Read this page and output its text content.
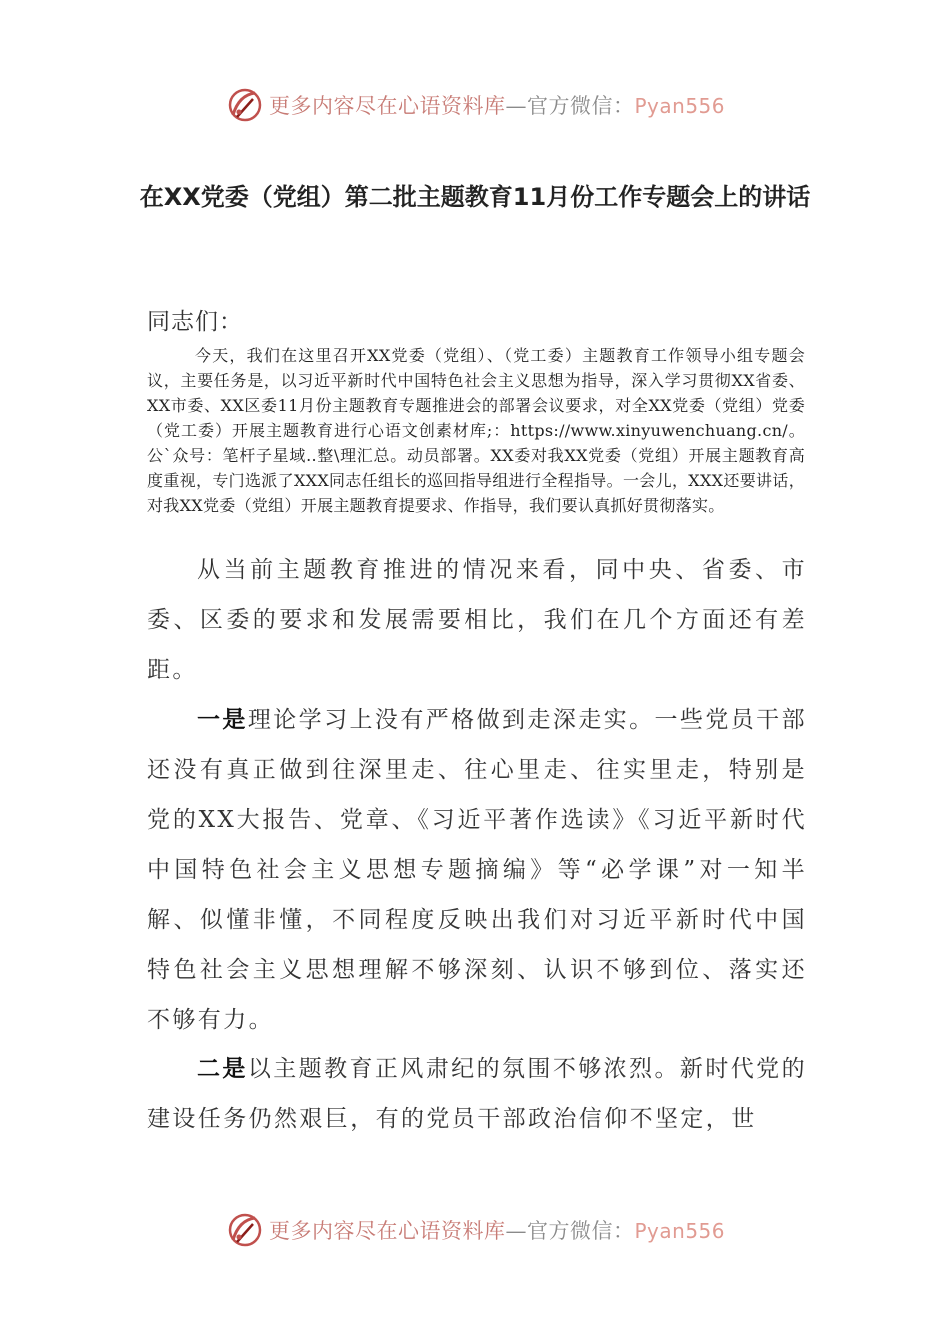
更多内容尽在心语资料库—官方微信：Pyan556
在XX党委（党组）第二批主题教育11月份工作专题会上的讲话
同志们：
今天，我们在这里召开XX党委（党组）、（党工委）主题教育工作领导小组专题会议，主要任务是，以习近平新时代中国特色社会主义思想为指导，深入学习贯彻XX省委、XX市委、XX区委11月份主题教育专题推进会的部署会议要求，对全XX党委（党组）党委（党工委）开展主题教育进行心语文创素材库;：https://www.xinyuwenchuang.cn/。公`众号：笔杆子星域..整\理汇总。动员部署。XX委对我XX党委（党组）开展主题教育高度重视，专门选派了XXX同志任组长的巡回指导组进行全程指导。一会儿，XXX还要讲话，对我XX党委（党组）开展主题教育提要求、作指导，我们要认真抓好贯彻落实。
从当前主题教育推进的情况来看，同中央、省委、市委、区委的要求和发展需要相比，我们在几个方面还有差距。
一是理论学习上没有严格做到走深走实。一些党员干部还没有真正做到往深里走、往心里走、往实里走，特别是党的XX大报告、党章、《习近平著作选读》《习近平新时代中国特色社会主义思想专题摘编》等“必学课”对一知半解、似懂非懂，不同程度反映出我们对习近平新时代中国特色社会主义思想理解不够深刻、认识不够到位、落实还不够有力。
二是以主题教育正风肃纪的氛围不够浓烈。新时代党的建设任务仍然艰巨，有的党员干部政治信仰不坚定，世
更多内容尽在心语资料库—官方微信：Pyan556
